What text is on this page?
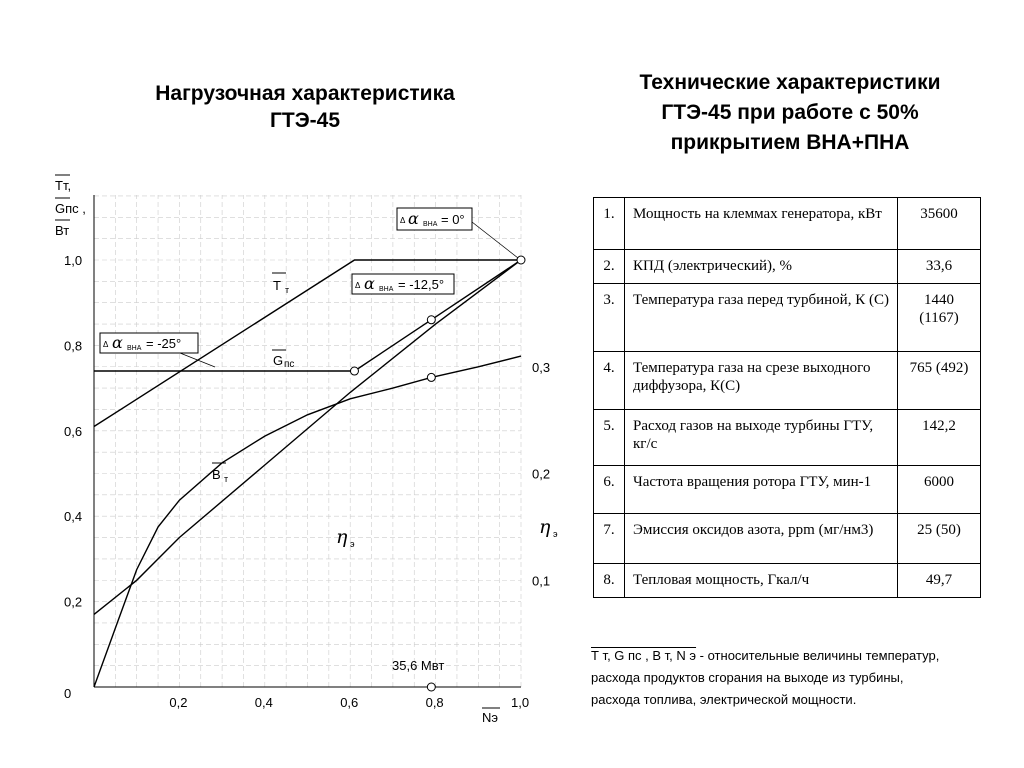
Нагрузочная характеристика
ГТЭ-45
Технические характеристики
ГТЭ-45 при работе с 50%
прикрытием ВНА+ПНА
0,2	0,4	0,6	0,8	1,0
0
0,2
0,4
0,6
0,8
1,0
0,1
0,2
0,3
Тт,
Gпс ,
Вт
Nэ
Т т
G пс
В т
η э
η э
Δ α ВНА = 0°
Δ α ВНА = -12,5°
Δ α ВНА = -25°
35,6 Мвт
1.	Мощность на клеммах генератора, кВт	35600
2.	КПД (электрический), %	33,6
3.	Температура газа перед турбиной, К (С)	1440 (1167)
4.	Температура газа на срезе выходного диффузора, К(С)	765 (492)
5.	Расход газов на выходе турбины ГТУ, кг/с	142,2
6.	Частота вращения ротора ГТУ, мин-1	6000
7.	Эмиссия оксидов азота, ppm (мг/нм3)	25 (50)
8.	Тепловая мощность, Гкал/ч	49,7
Т т, G пс , В т, N э - относительные величины температур,
расхода продуктов сгорания на выходе из турбины,
расхода топлива, электрической мощности.
